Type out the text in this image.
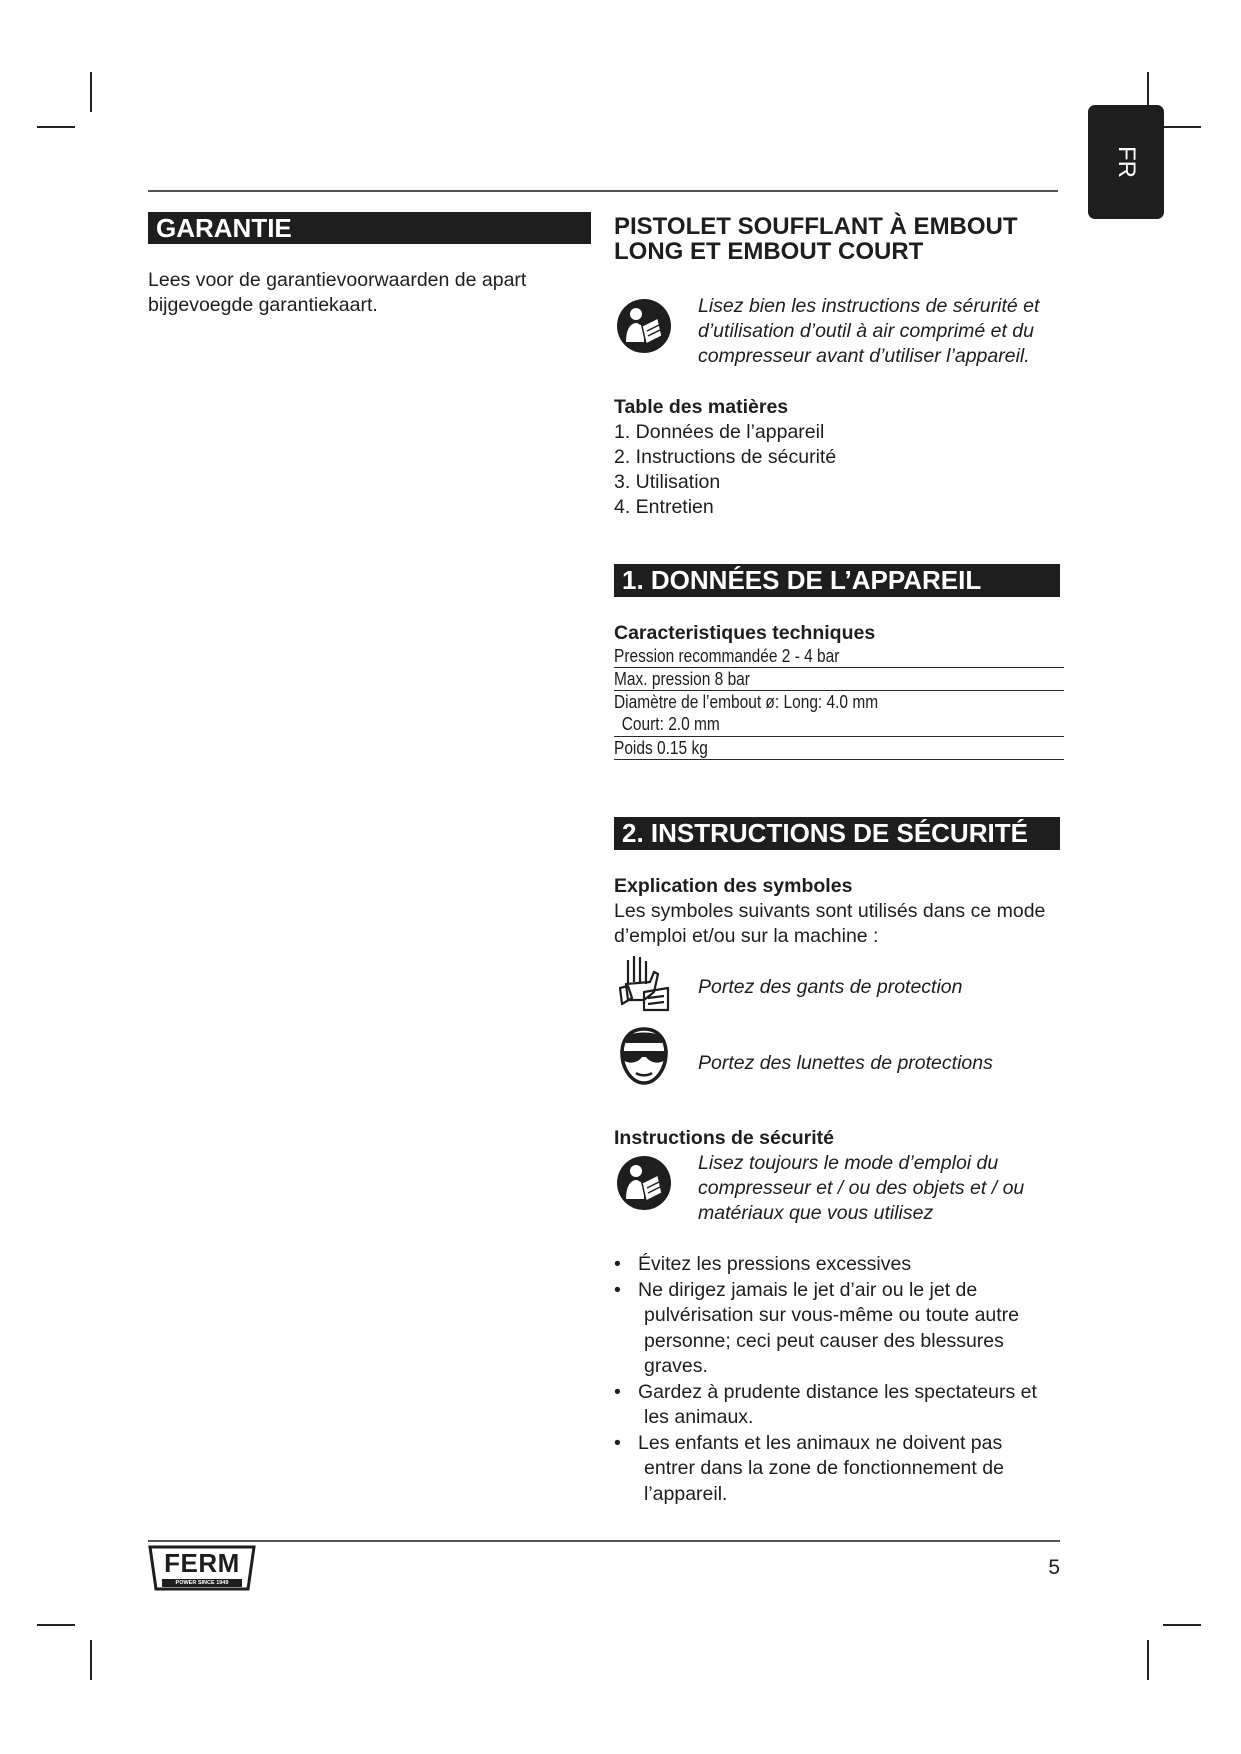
FR
GARANTIE
Lees voor de garantievoorwaarden de apart bijgevoegde garantiekaart.
PISTOLET SOUFFLANT À EMBOUT
LONG ET EMBOUT COURT
Lisez bien les instructions de sérurité et d’utilisation d’outil à air comprimé et du compresseur avant d’utiliser l’appareil.
Table des matières
1. Données de l’appareil
2. Instructions de sécurité
3. Utilisation
4. Entretien
1. DONNÉES DE L’APPAREIL
Caracteristiques techniques
Pression recommandée 2 - 4 bar
Max. pression 8 bar
Diamètre de l’embout ø: Long: 4.0 mm
Court: 2.0 mm
Poids 0.15 kg
2. INSTRUCTIONS DE SÉCURITÉ
Explication des symboles
Les symboles suivants sont utilisés dans ce mode d’emploi et/ou sur la machine :
Portez des gants de protection
Portez des lunettes de protections
Instructions de sécurité
Lisez toujours le mode d’emploi du compresseur et / ou des objets et / ou matériaux que vous utilisez
• Évitez les pressions excessives
• Ne dirigez jamais le jet d’air ou le jet de
pulvérisation sur vous-même ou toute autre
personne; ceci peut causer des blessures
graves.
• Gardez à prudente distance les spectateurs et
les animaux.
• Les enfants et les animaux ne doivent pas
entrer dans la zone de fonctionnement de
l’appareil.
FERM
POWER SINCE 1949
5
